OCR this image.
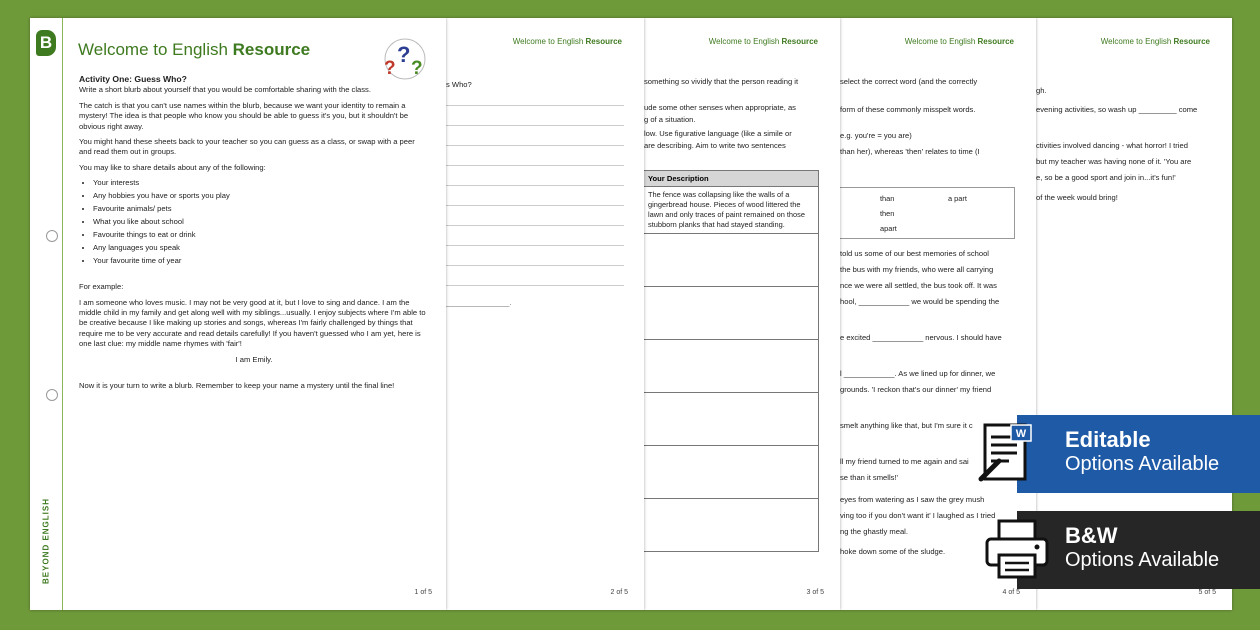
Welcome to English Resource
gh.
evening activities, so wash up _________ come
ctivities involved dancing - what horror! I tried
but my teacher was having none of it. 'You are
e, so be a good sport and join in...it's fun!'
of the week would bring!
5 of 5
Welcome to English Resource
select the correct word (and the correctly
form of these commonly misspelt words.
e.g. you're = you are)
than her), whereas 'then' relates to time (I
than	a part
then
apart
told us some of our best memories of school
the bus with my friends, who were all carrying
nce we were all settled, the bus took off. It was
hool, ____________ we would be spending the
e excited ____________ nervous. I should have
l ____________. As we lined up for dinner, we
grounds. 'I reckon that's our dinner' my friend
smelt anything like that, but I'm sure it c
ll my friend turned to me again and sai
se than it smells!'
eyes from watering as I saw the grey mush
ving too if you don't want it' I laughed as I tried
ng the ghastly meal.
hoke down some of the sludge.
4 of 5
Welcome to English Resource
something so vividly that the person reading it
ude some other senses when appropriate, as
g of a situation.
low. Use figurative language (like a simile or
are describing. Aim to write two sentences
Your Description
The fence was collapsing like the walls of a gingerbread house. Pieces of wood littered the lawn and only traces of paint remained on those stubborn planks that had stayed standing.
3 of 5
Welcome to English Resource
s Who?
_______________.
2 of 5
B
BEYOND ENGLISH
Welcome to English Resource
?
?
?
Activity One: Guess Who?

Write a short blurb about yourself that you would be comfortable sharing with the class.

The catch is that you can't use names within the blurb, because we want your identity to remain a mystery! The idea is that people who know you should be able to guess it's you, but it shouldn't be obvious right away.

You might hand these sheets back to your teacher so you can guess as a class, or swap with a peer and read them out in groups.

You may like to share details about any of the following:

• Your interests
• Any hobbies you have or sports you play
• Favourite animals/ pets
• What you like about school
• Favourite things to eat or drink
• Any languages you speak
• Your favourite time of year

For example:

I am someone who loves music. I may not be very good at it, but I love to sing and dance. I am the middle child in my family and get along well with my siblings...usually. I enjoy subjects where I'm able to be creative because I like making up stories and songs, whereas I'm fairly challenged by things that require me to be very accurate and read details carefully! If you haven't guessed who I am yet, here is one last clue: my middle name rhymes with 'fair'!

I am Emily.

Now it is your turn to write a blurb. Remember to keep your name a mystery until the final line!

1 of 5
W Editable
Options Available
B&W
Options Available
